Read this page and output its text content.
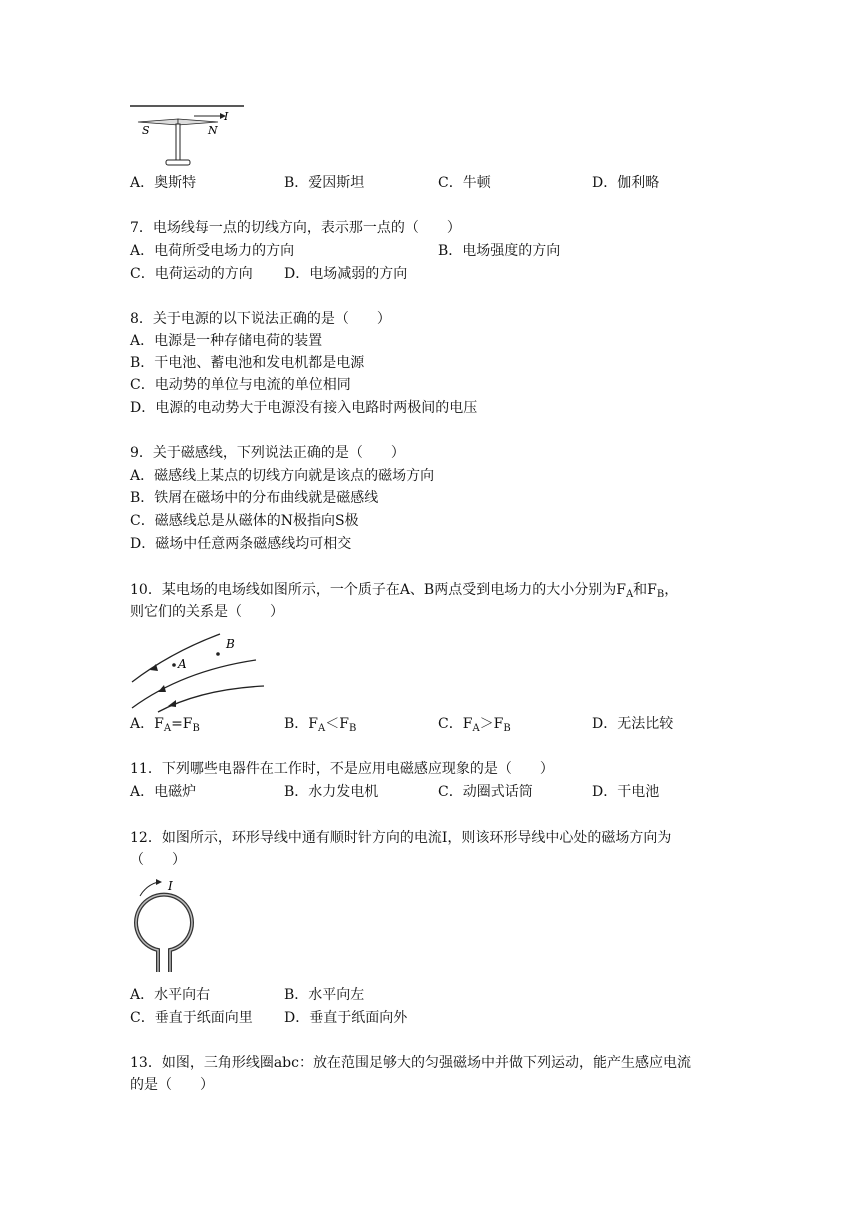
I
S	N
A．奥斯特	B．爱因斯坦	C．牛顿	D．伽利略
7．电场线每一点的切线方向，表示那一点的（　　）
A．电荷所受电场力的方向	B．电场强度的方向
C．电荷运动的方向 D．电场减弱的方向
8．关于电源的以下说法正确的是（　　）
A．电源是一种存储电荷的装置
B．干电池、蓄电池和发电机都是电源
C．电动势的单位与电流的单位相同
D．电源的电动势大于电源没有接入电路时两极间的电压
9．关于磁感线，下列说法正确的是（　　）
A．磁感线上某点的切线方向就是该点的磁场方向
B．铁屑在磁场中的分布曲线就是磁感线
C．磁感线总是从磁体的N极指向S极
D．磁场中任意两条磁感线均可相交
10．某电场的电场线如图所示，一个质子在A、B两点受到电场力的大小分别为$F_A$和$F_B$，
则它们的关系是（　　）
A
B
A．$F_A=F_B$	B．$F_A<F_B$	C．$F_A>F_B$	D．无法比较
11．下列哪些电器件在工作时，不是应用电磁感应现象的是（　　）
A．电磁炉	B．水力发电机	C．动圈式话筒	D．干电池
12．如图所示，环形导线中通有顺时针方向的电流I，则该环形导线中心处的磁场方向为
（　　）
I
A．水平向右	B．水平向左
C．垂直于纸面向里 D．垂直于纸面向外
13．如图，三角形线圈abc：放在范围足够大的匀强磁场中并做下列运动，能产生感应电流
的是（　　）
